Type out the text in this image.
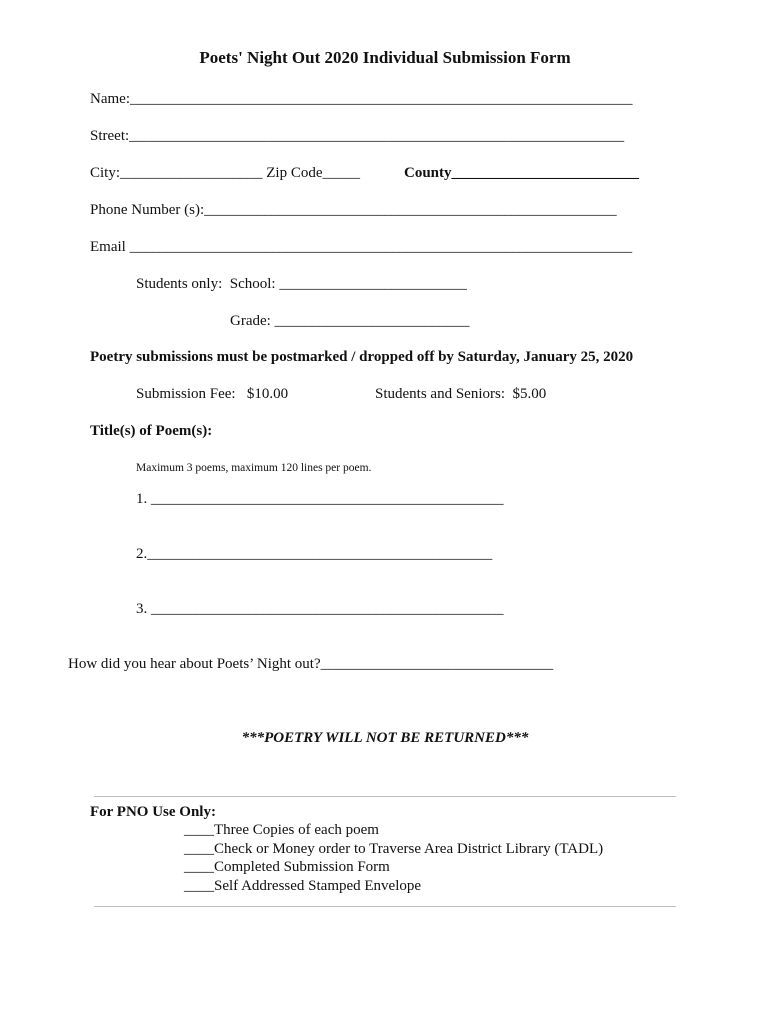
Poets' Night Out 2020 Individual Submission Form
Name:___________________________________________________________________
Street:__________________________________________________________________
City:___________________ Zip Code_____	County_________________________
Phone Number (s):_______________________________________________________
Email ___________________________________________________________________
Students only:  School: _________________________
Grade: __________________________
Poetry submissions must be postmarked / dropped off by Saturday, January 25, 2020
Submission Fee:   $10.00	Students and Seniors:  $5.00
Title(s) of Poem(s):
Maximum 3 poems, maximum 120 lines per poem.
1. _______________________________________________
2.______________________________________________
3. _______________________________________________
How did you hear about Poets’ Night out?_______________________________
***POETRY WILL NOT BE RETURNED***
For PNO Use Only:
____Three Copies of each poem
____Check or Money order to Traverse Area District Library (TADL)
____Completed Submission Form
____Self Addressed Stamped Envelope
